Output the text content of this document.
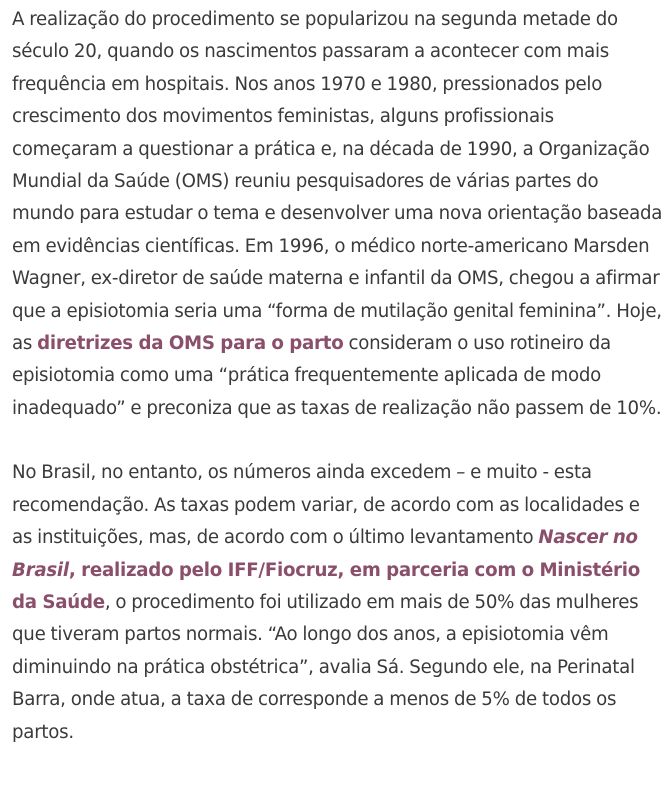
A realização do procedimento se popularizou na segunda metade do século 20, quando os nascimentos passaram a acontecer com mais frequência em hospitais. Nos anos 1970 e 1980, pressionados pelo crescimento dos movimentos feministas, alguns profissionais começaram a questionar a prática e, na década de 1990, a Organização Mundial da Saúde (OMS) reuniu pesquisadores de várias partes do mundo para estudar o tema e desenvolver uma nova orientação baseada em evidências científicas. Em 1996, o médico norte-americano Marsden Wagner, ex-diretor de saúde materna e infantil da OMS, chegou a afirmar que a episiotomia seria uma “forma de mutilação genital feminina”. Hoje, as diretrizes da OMS para o parto consideram o uso rotineiro da episiotomia como uma “prática frequentemente aplicada de modo inadequado” e preconiza que as taxas de realização não passem de 10%.

No Brasil, no entanto, os números ainda excedem – e muito - esta recomendação. As taxas podem variar, de acordo com as localidades e as instituições, mas, de acordo com o último levantamento Nascer no Brasil, realizado pelo IFF/Fiocruz, em parceria com o Ministério da Saúde, o procedimento foi utilizado em mais de 50% das mulheres que tiveram partos normais. “Ao longo dos anos, a episiotomia vêm diminuindo na prática obstétrica”, avalia Sá. Segundo ele, na Perinatal Barra, onde atua, a taxa de corresponde a menos de 5% de todos os partos.
